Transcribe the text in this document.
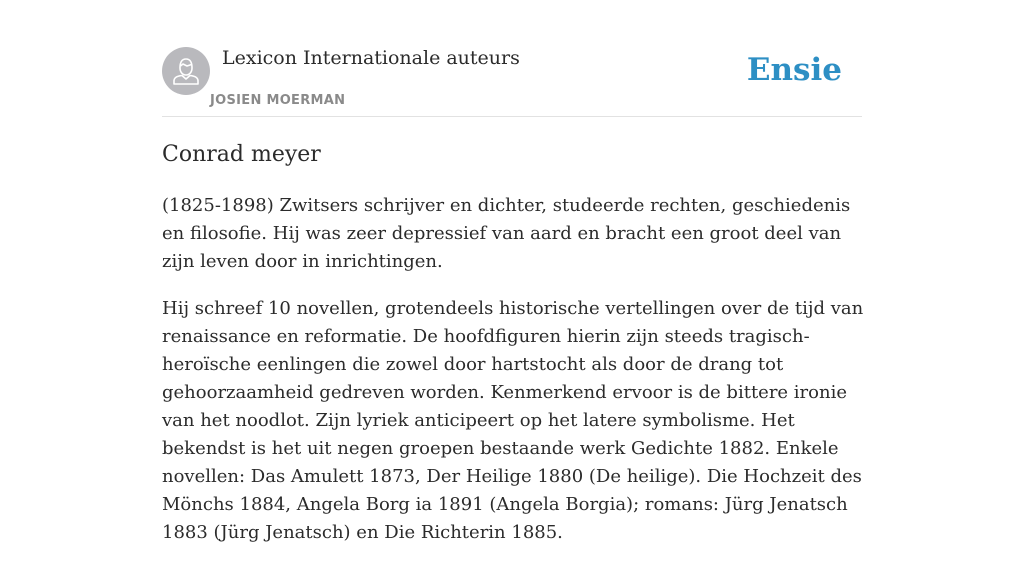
Lexicon Internationale auteurs
JOSIEN MOERMAN
Ensie
Conrad meyer

(1825-1898) Zwitsers schrijver en dichter, studeerde rechten, geschiedenis en filosofie. Hij was zeer depressief van aard en bracht een groot deel van zijn leven door in inrichtingen.

Hij schreef 10 novellen, grotendeels historische vertellingen over de tijd van renaissance en reformatie. De hoofdfiguren hierin zijn steeds tragisch-heroïsche eenlingen die zowel door hartstocht als door de drang tot gehoorzaamheid gedreven worden. Kenmerkend ervoor is de bittere ironie van het noodlot. Zijn lyriek anticipeert op het latere symbolisme. Het bekendst is het uit negen groepen bestaande werk Gedichte 1882. Enkele novellen: Das Amulett 1873, Der Heilige 1880 (De heilige). Die Hochzeit des Mönchs 1884, Angela Borg ia 1891 (Angela Borgia); romans: Jürg Jenatsch 1883 (Jürg Jenatsch) en Die Richterin 1885.
